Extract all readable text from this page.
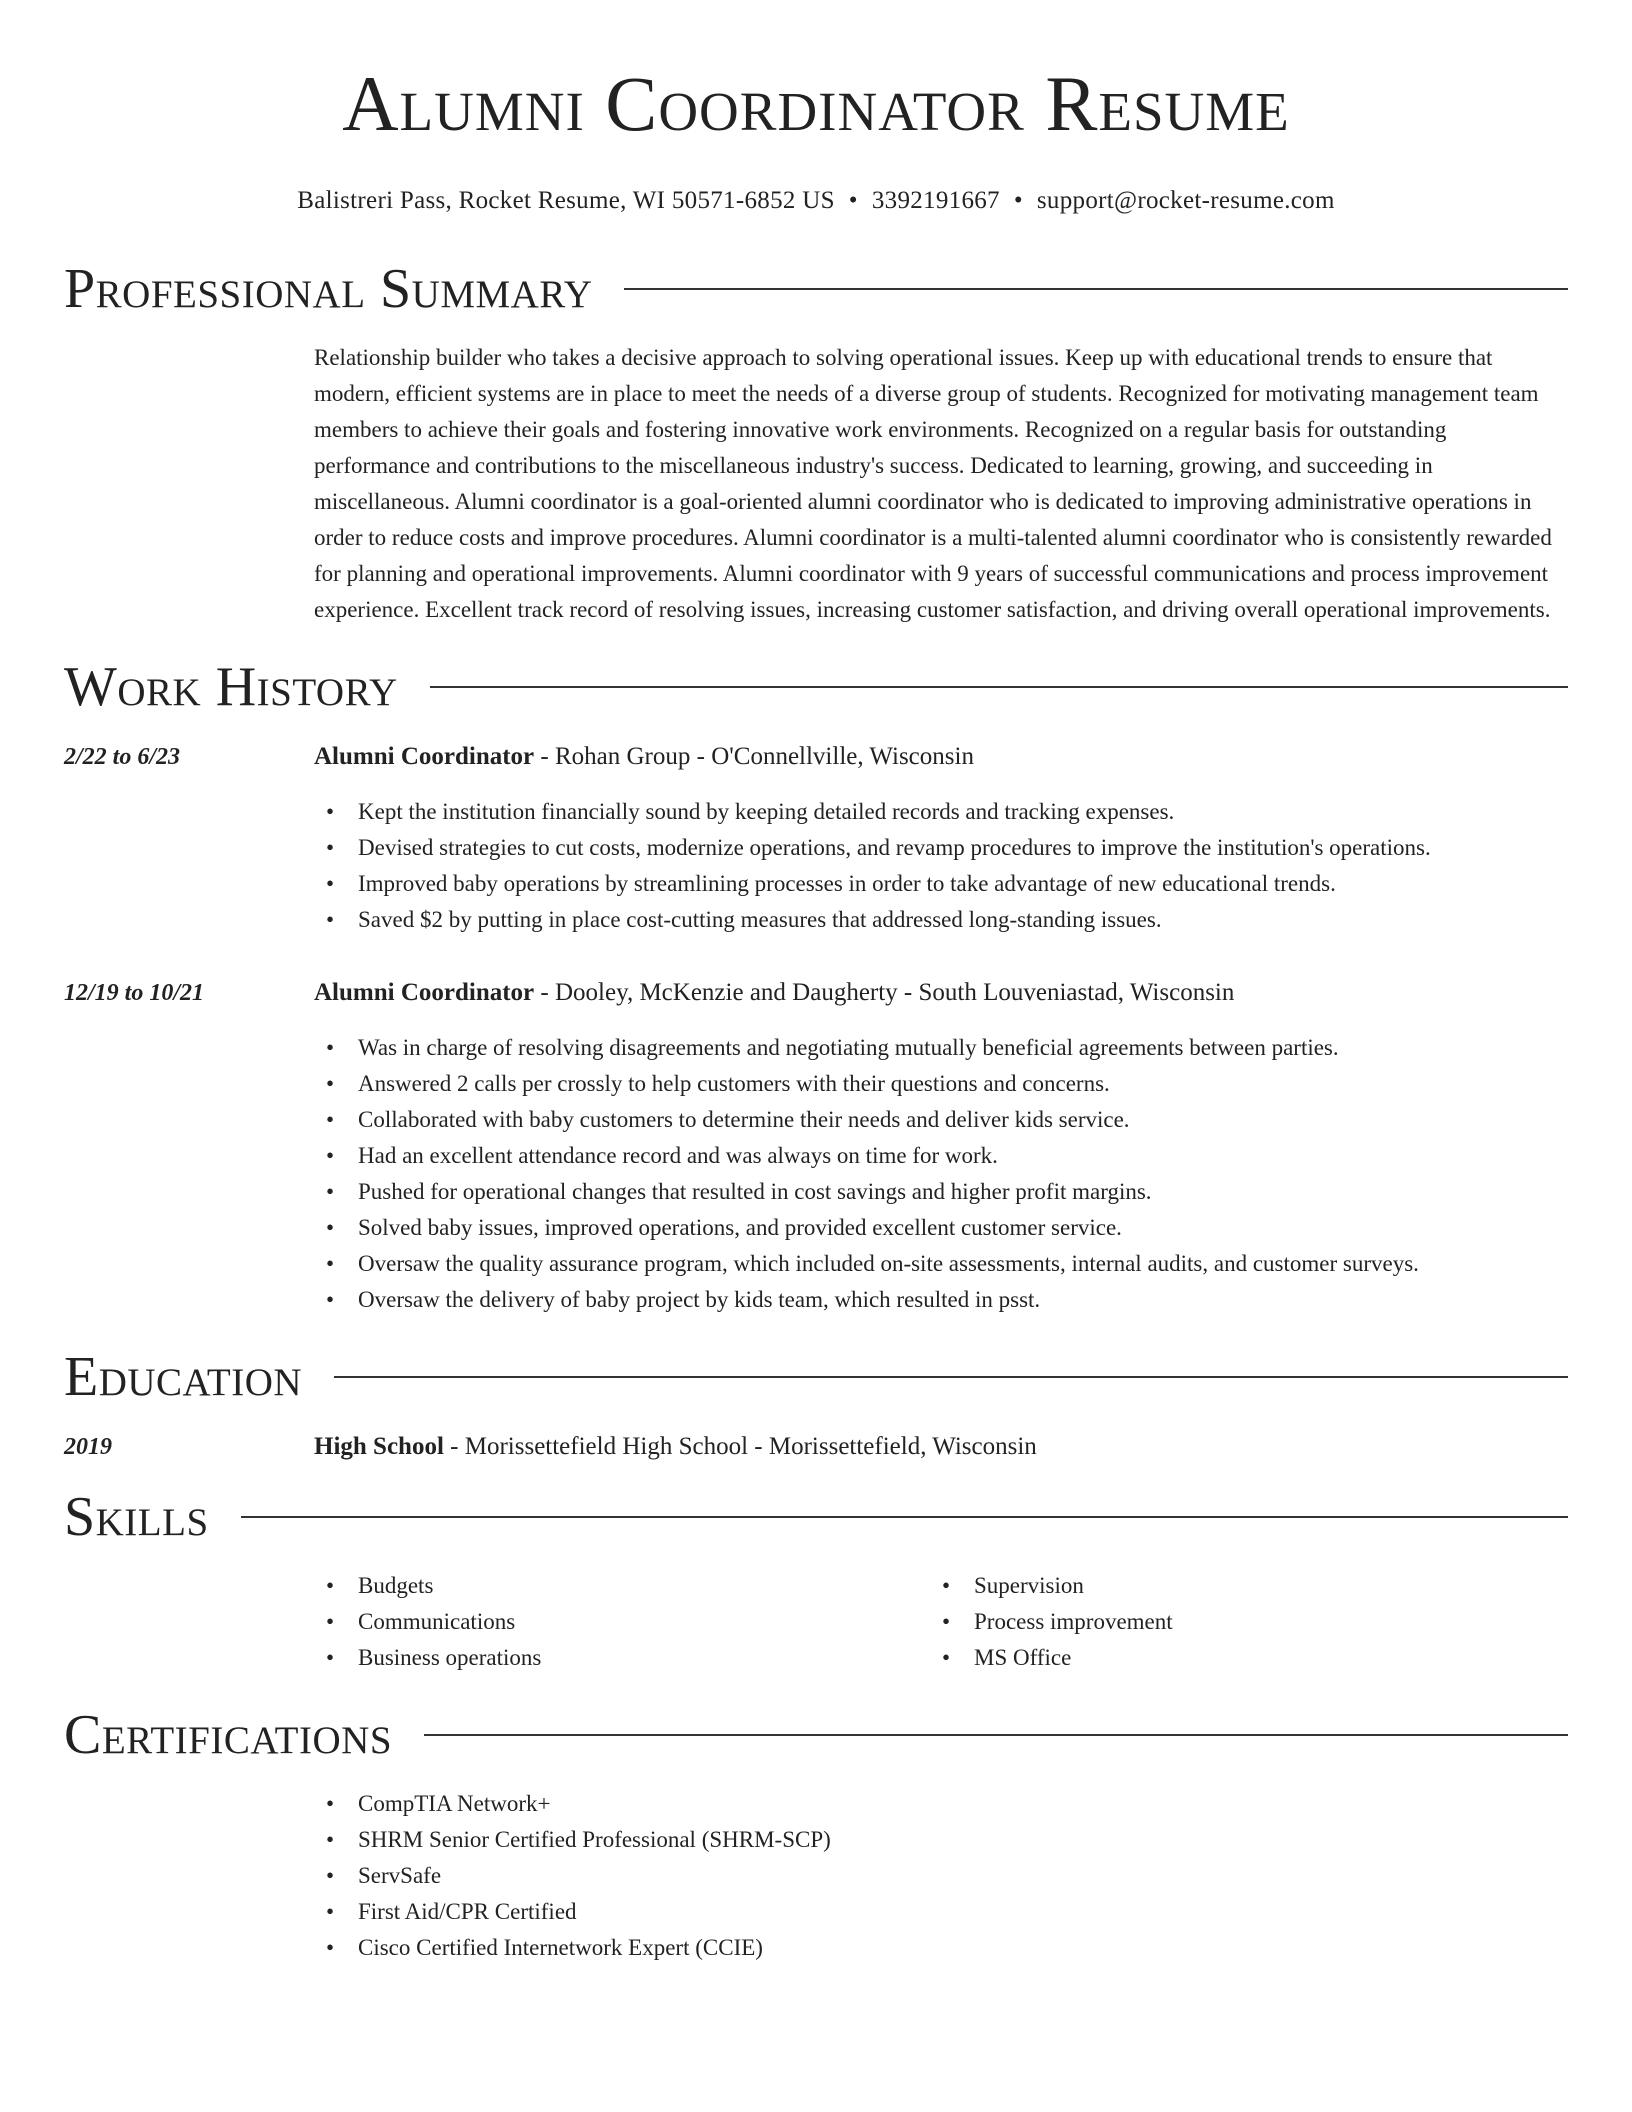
Alumni Coordinator Resume
Balistreri Pass, Rocket Resume, WI 50571-6852 US • 3392191667 • support@rocket-resume.com
Professional Summary
Relationship builder who takes a decisive approach to solving operational issues. Keep up with educational trends to ensure that modern, efficient systems are in place to meet the needs of a diverse group of students. Recognized for motivating management team members to achieve their goals and fostering innovative work environments. Recognized on a regular basis for outstanding performance and contributions to the miscellaneous industry's success. Dedicated to learning, growing, and succeeding in miscellaneous. Alumni coordinator is a goal-oriented alumni coordinator who is dedicated to improving administrative operations in order to reduce costs and improve procedures. Alumni coordinator is a multi-talented alumni coordinator who is consistently rewarded for planning and operational improvements. Alumni coordinator with 9 years of successful communications and process improvement experience. Excellent track record of resolving issues, increasing customer satisfaction, and driving overall operational improvements.
Work History
2/22 to 6/23	Alumni Coordinator - Rohan Group - O'Connellville, Wisconsin
• Kept the institution financially sound by keeping detailed records and tracking expenses.
• Devised strategies to cut costs, modernize operations, and revamp procedures to improve the institution's operations.
• Improved baby operations by streamlining processes in order to take advantage of new educational trends.
• Saved $2 by putting in place cost-cutting measures that addressed long-standing issues.
12/19 to 10/21	Alumni Coordinator - Dooley, McKenzie and Daugherty - South Louveniastad, Wisconsin
• Was in charge of resolving disagreements and negotiating mutually beneficial agreements between parties.
• Answered 2 calls per crossly to help customers with their questions and concerns.
• Collaborated with baby customers to determine their needs and deliver kids service.
• Had an excellent attendance record and was always on time for work.
• Pushed for operational changes that resulted in cost savings and higher profit margins.
• Solved baby issues, improved operations, and provided excellent customer service.
• Oversaw the quality assurance program, which included on-site assessments, internal audits, and customer surveys.
• Oversaw the delivery of baby project by kids team, which resulted in psst.
Education
2019	High School - Morissettefield High School - Morissettefield, Wisconsin
Skills
• Budgets
• Communications
• Business operations
• Supervision
• Process improvement
• MS Office
Certifications
• CompTIA Network+
• SHRM Senior Certified Professional (SHRM-SCP)
• ServSafe
• First Aid/CPR Certified
• Cisco Certified Internetwork Expert (CCIE)
